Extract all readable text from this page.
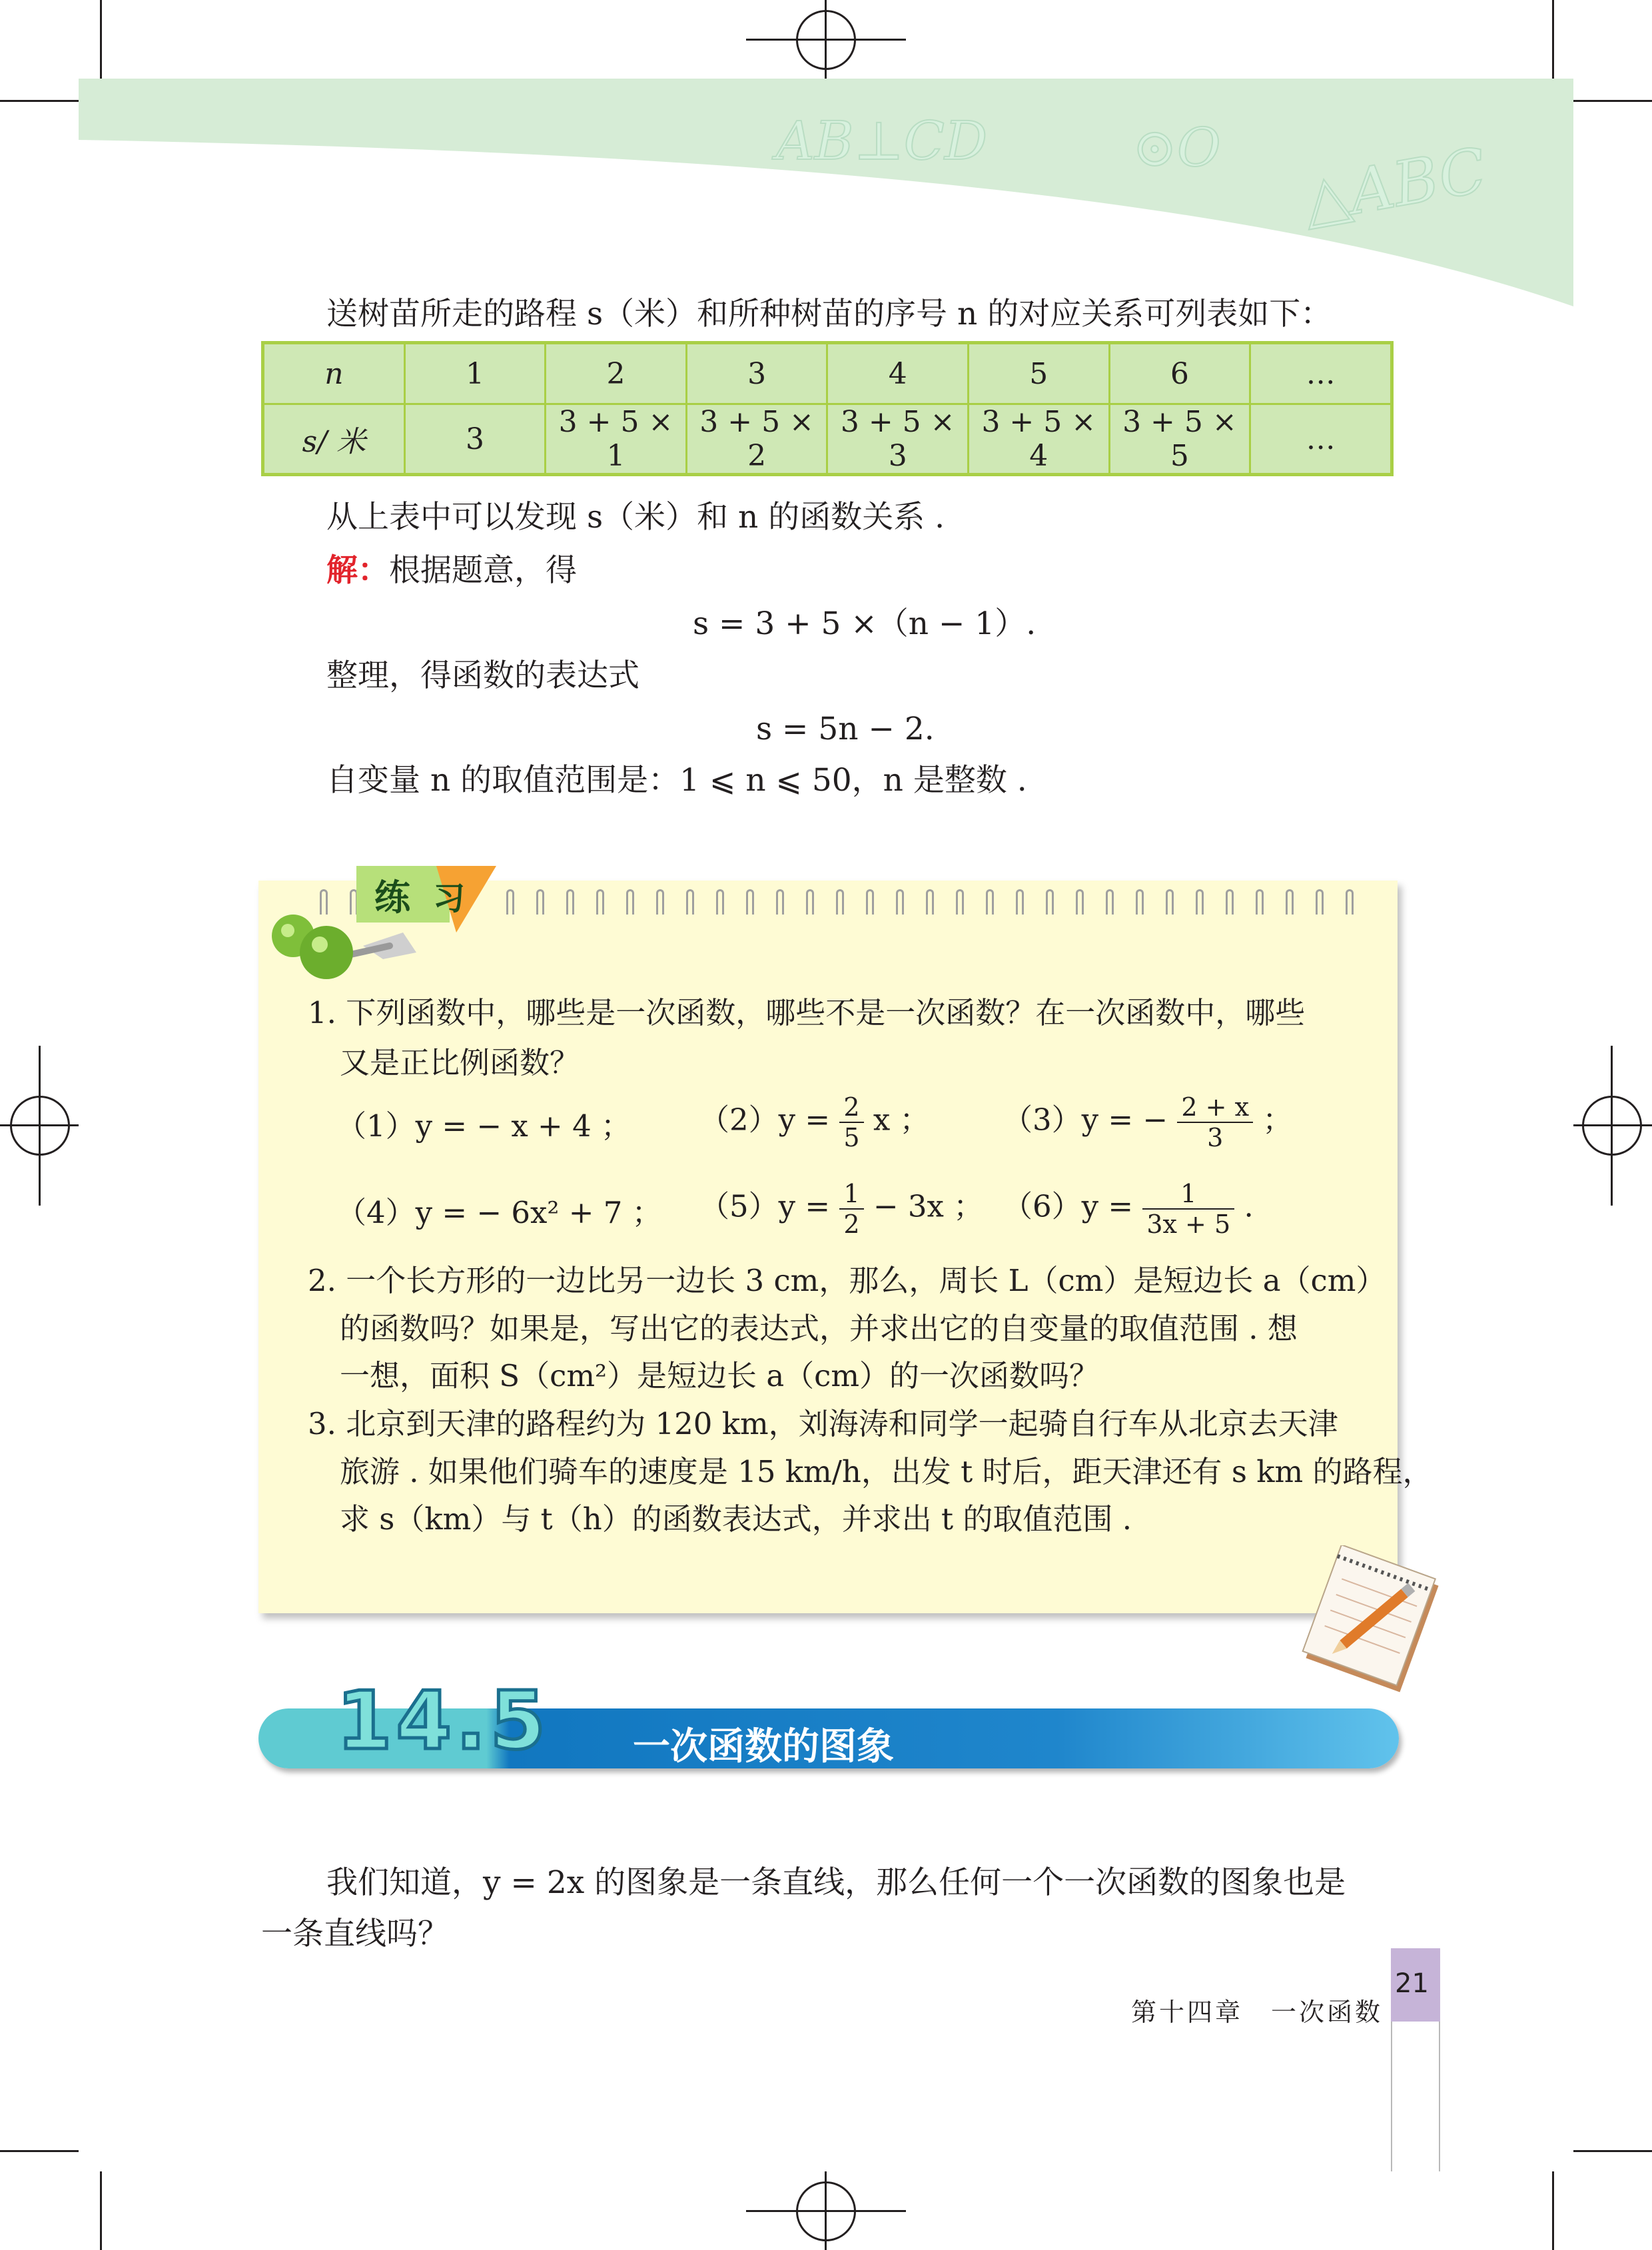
AB⊥CD	⊙O △ABC
送树苗所走的路程 s（米）和所种树苗的序号 n 的对应关系可列表如下：
n	1	2	3	4	5	6	…
s/ 米	3	3 + 5 × 1	3 + 5 × 2	3 + 5 × 3	3 + 5 × 4	3 + 5 × 5	…
从上表中可以发现 s（米）和 n 的函数关系 .
解：根据题意，得
s = 3 + 5 ×（n − 1）.
整理，得函数的表达式
s = 5n − 2.
自变量 n 的取值范围是：1 ⩽ n ⩽ 50，n 是整数 .
练 习
1. 下列函数中，哪些是一次函数，哪些不是一次函数？在一次函数中，哪些
又是正比例函数？
（1）y = − x + 4 ； $(2)y = \frac{2}{5}$ x ； （3）y = − $\frac{2 + x}{3}$ ；
（4）y = − 6x² + 7 ； $(5)y = \frac{1}{2} - 3x$ ； $(6)y = \frac{1}{3x + 5}$ .
2. 一个长方形的一边比另一边长 3 cm，那么，周长 L（cm）是短边长 a（cm）
的函数吗？如果是，写出它的表达式，并求出它的自变量的取值范围 . 想
一想，面积 S（cm²）是短边长 a（cm）的一次函数吗？
3. 北京到天津的路程约为 120 km，刘海涛和同学一起骑自行车从北京去天津
旅游 . 如果他们骑车的速度是 15 km/h，出发 t 时后，距天津还有 s km 的路程，
求 s（km）与 t（h）的函数表达式，并求出 t 的取值范围 .
14.5 一次函数的图象
我们知道，y = 2x 的图象是一条直线，那么任何一个一次函数的图象也是
一条直线吗？
21
第十四章　一次函数
